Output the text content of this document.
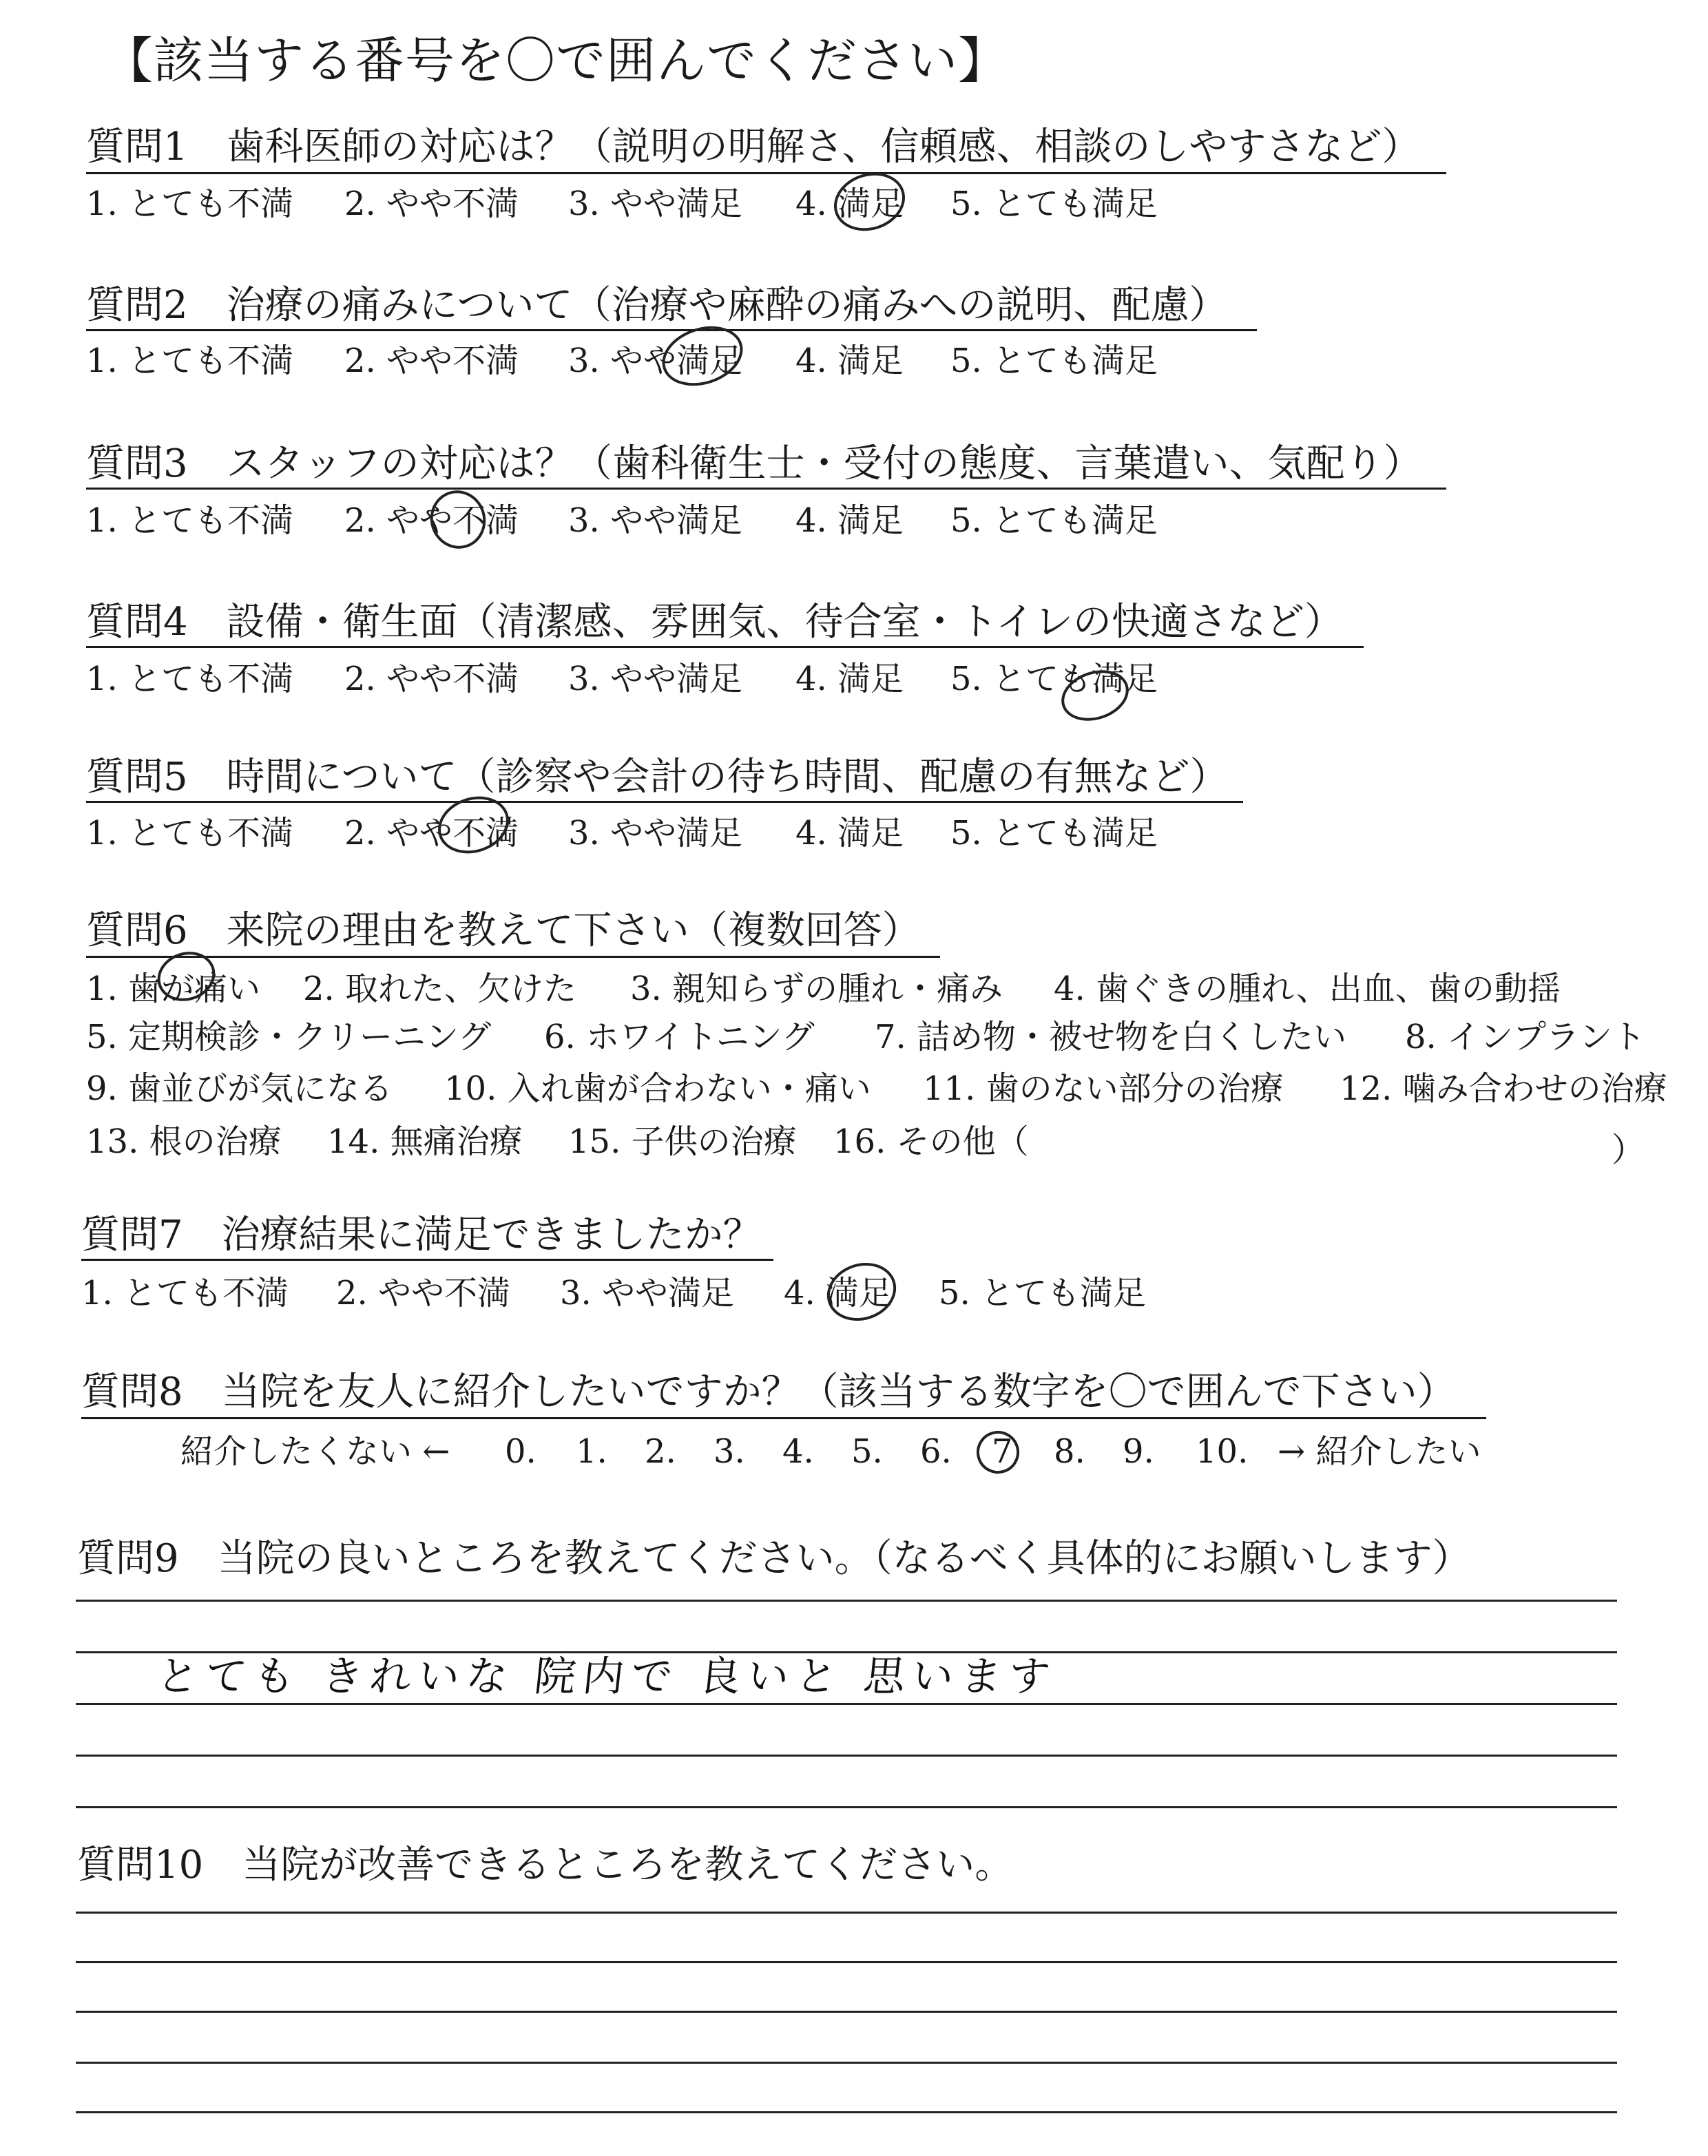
【該当する番号を〇で囲んでください】
質問1　歯科医師の対応は？（説明の明解さ、信頼感、相談のしやすさなど）
1. とても不満 2. やや不満 3. やや満足 4. 満足 5. とても満足
質問2　治療の痛みについて（治療や麻酔の痛みへの説明、配慮）
1. とても不満 2. やや不満 3. やや満足 4. 満足 5. とても満足
質問3　スタッフの対応は？（歯科衛生士・受付の態度、言葉遣い、気配り）
1. とても不満 2. やや不満 3. やや満足 4. 満足 5. とても満足
質問4　設備・衛生面（清潔感、雰囲気、待合室・トイレの快適さなど）
1. とても不満 2. やや不満 3. やや満足 4. 満足 5. とても満足
質問5　時間について（診察や会計の待ち時間、配慮の有無など）
1. とても不満 2. やや不満 3. やや満足 4. 満足 5. とても満足
質問6　来院の理由を教えて下さい（複数回答）
1. 歯が痛い 2. 取れた、欠けた 3. 親知らずの腫れ・痛み 4. 歯ぐきの腫れ、出血、歯の動揺
5. 定期検診・クリーニング 6. ホワイトニング 7. 詰め物・被せ物を白くしたい 8. インプラント
9. 歯並びが気になる 10. 入れ歯が合わない・痛い 11. 歯のない部分の治療 12. 噛み合わせの治療
13. 根の治療 14. 無痛治療 15. 子供の治療 16. その他（	）
質問7　治療結果に満足できましたか？
1. とても不満 2. やや不満 3. やや満足 4. 満足 5. とても満足
質問8　当院を友人に紹介したいですか？（該当する数字を〇で囲んで下さい）
紹介したくない ← 0. 1. 2. 3. 4. 5. 6. 7 8. 9. 10. → 紹介したい
質問9　当院の良いところを教えてください。（なるべく具体的にお願いします）
とても きれいな 院内で 良いと 思います
質問10　当院が改善できるところを教えてください。
